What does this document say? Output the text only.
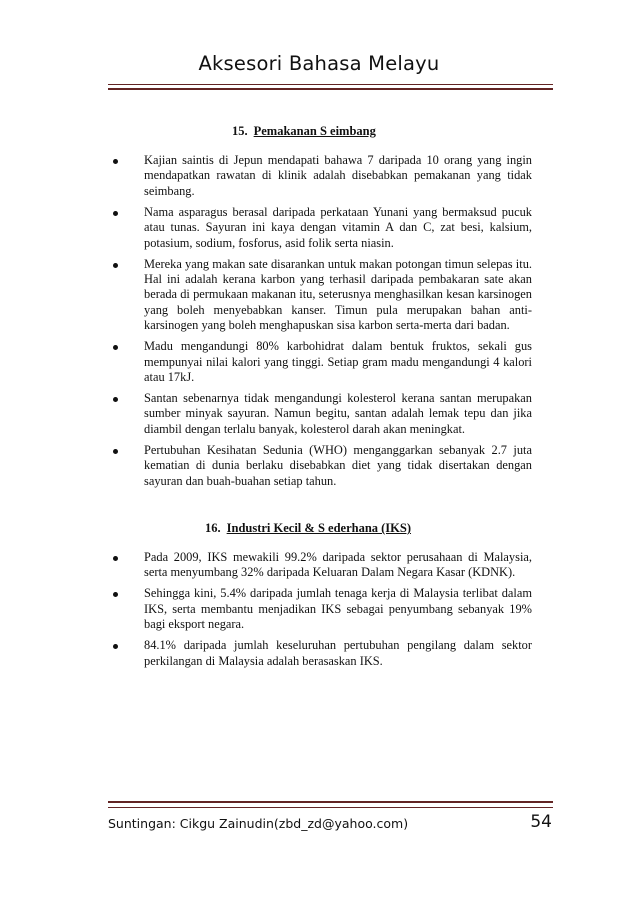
Aksesori Bahasa Melayu
15. Pemakanan S eimbang
Kajian saintis di Jepun mendapati bahawa 7 daripada 10 orang yang ingin mendapatkan rawatan di klinik adalah disebabkan pemakanan yang tidak seimbang.
Nama asparagus berasal daripada perkataan Yunani yang bermaksud pucuk atau tunas. Sayuran ini kaya dengan vitamin A dan C, zat besi, kalsium, potasium, sodium, fosforus, asid folik serta niasin.
Mereka yang makan sate disarankan untuk makan potongan timun selepas itu. Hal ini adalah kerana karbon yang terhasil daripada pembakaran sate akan berada di permukaan makanan itu, seterusnya menghasilkan kesan karsinogen yang boleh menyebabkan kanser. Timun pula merupakan bahan anti-karsinogen yang boleh menghapuskan sisa karbon serta-merta dari badan.
Madu mengandungi 80% karbohidrat dalam bentuk fruktos, sekali gus mempunyai nilai kalori yang tinggi. Setiap gram madu mengandungi 4 kalori atau 17kJ.
Santan sebenarnya tidak mengandungi kolesterol kerana santan merupakan sumber minyak sayuran. Namun begitu, santan adalah lemak tepu dan jika diambil dengan terlalu banyak, kolesterol darah akan meningkat.
Pertubuhan Kesihatan Sedunia (WHO) menganggarkan sebanyak 2.7 juta kematian di dunia berlaku disebabkan diet yang tidak disertakan dengan sayuran dan buah-buahan setiap tahun.
16. Industri Kecil & S ederhana (IKS)
Pada 2009, IKS mewakili 99.2% daripada sektor perusahaan di Malaysia, serta menyumbang 32% daripada Keluaran Dalam Negara Kasar (KDNK).
Sehingga kini, 5.4% daripada jumlah tenaga kerja di Malaysia terlibat dalam IKS, serta membantu menjadikan IKS sebagai penyumbang sebanyak 19% bagi eksport negara.
84.1% daripada jumlah keseluruhan pertubuhan pengilang dalam sektor perkilangan di Malaysia adalah berasaskan IKS.
Suntingan: Cikgu Zainudin(zbd_zd@yahoo.com)	54
